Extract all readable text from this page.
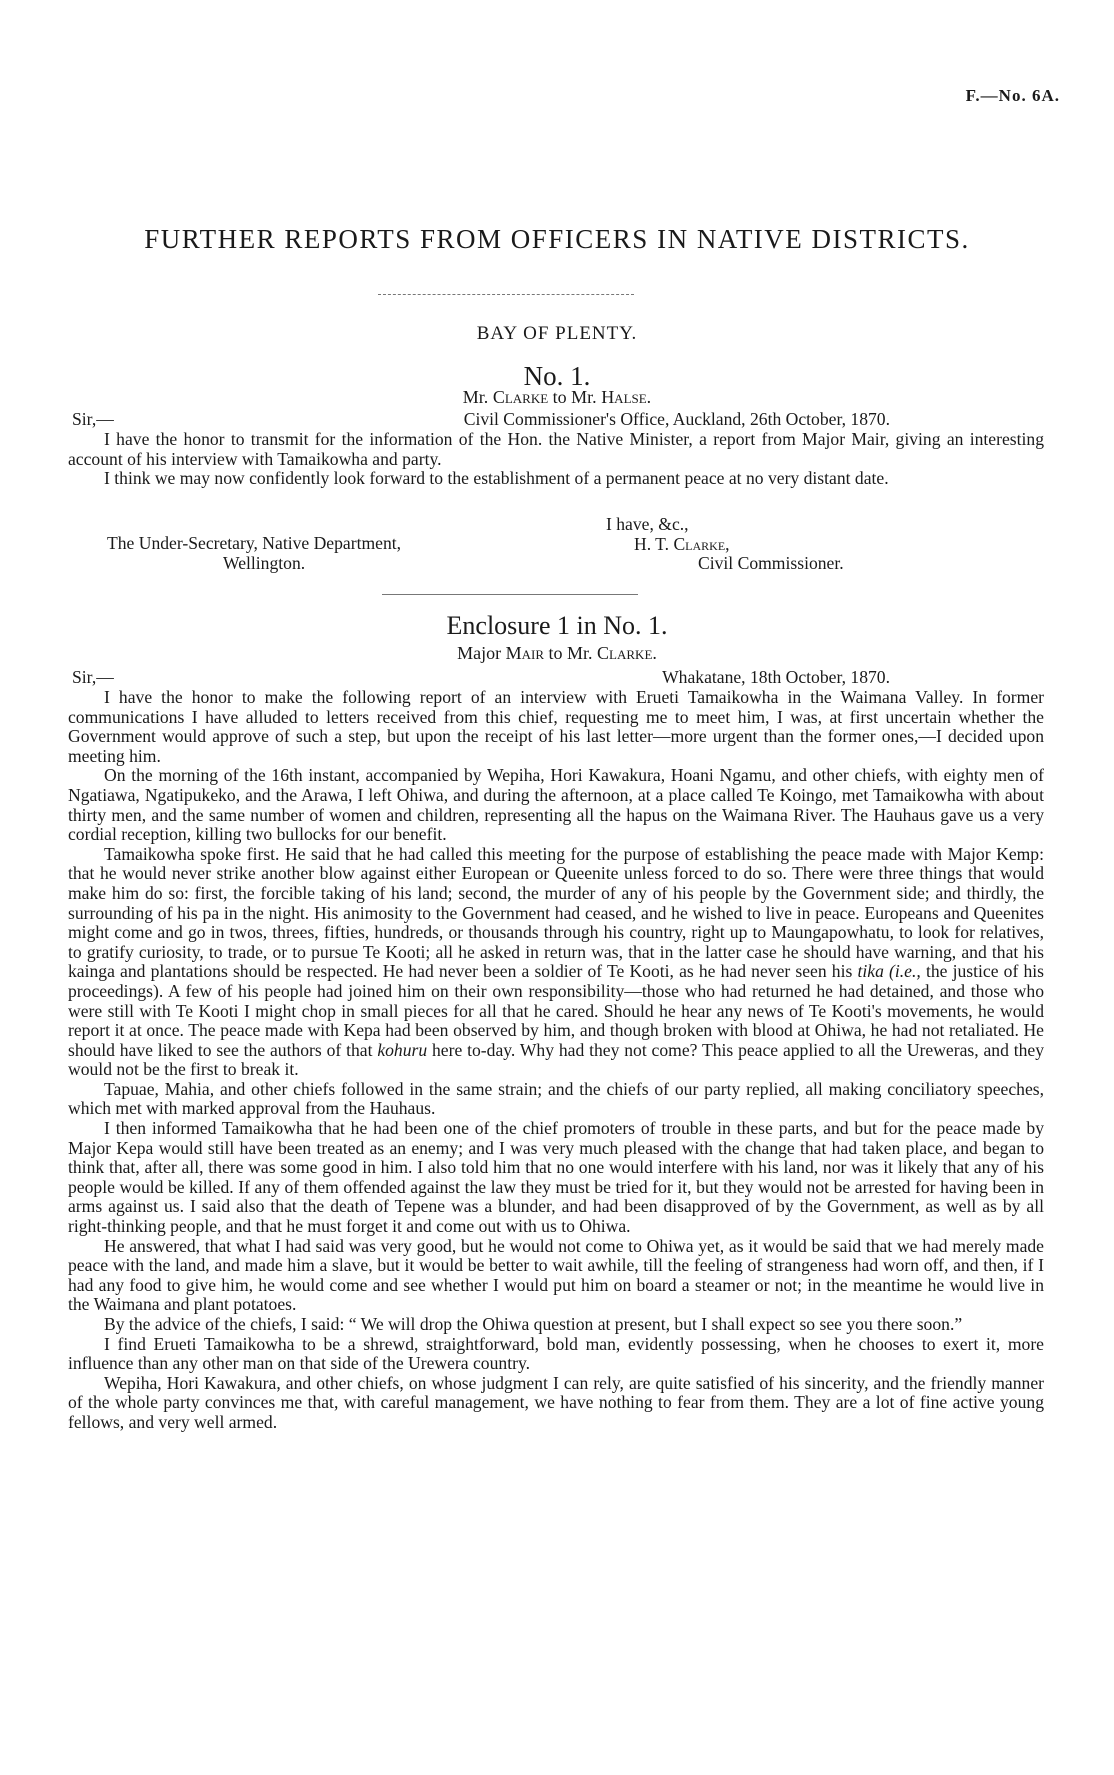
F.—No. 6A.
FURTHER REPORTS FROM OFFICERS IN NATIVE DISTRICTS.
BAY OF PLENTY.
No. 1.
Mr. Clarke to Mr. Halse.
Sir,—	Civil Commissioner's Office, Auckland, 26th October, 1870.

I have the honor to transmit for the information of the Hon. the Native Minister, a report from Major Mair, giving an interesting account of his interview with Tamaikowha and party.

I think we may now confidently look forward to the establishment of a permanent peace at no very distant date.

I have, &c.,
H. T. Clarke,
Civil Commissioner.
The Under-Secretary, Native Department,
Wellington.
Enclosure 1 in No. 1.
Major Mair to Mr. Clarke.
Sir,—	Whakatane, 18th October, 1870.

I have the honor to make the following report of an interview with Erueti Tamaikowha in the Waimana Valley. In former communications I have alluded to letters received from this chief, requesting me to meet him, I was, at first uncertain whether the Government would approve of such a step, but upon the receipt of his last letter—more urgent than the former ones,—I decided upon meeting him.

On the morning of the 16th instant, accompanied by Wepiha, Hori Kawakura, Hoani Ngamu, and other chiefs, with eighty men of Ngatiawa, Ngatipukeko, and the Arawa, I left Ohiwa, and during the afternoon, at a place called Te Koingo, met Tamaikowha with about thirty men, and the same number of women and children, representing all the hapus on the Waimana River. The Hauhaus gave us a very cordial reception, killing two bullocks for our benefit.

Tamaikowha spoke first. He said that he had called this meeting for the purpose of establishing the peace made with Major Kemp: that he would never strike another blow against either European or Queenite unless forced to do so. There were three things that would make him do so: first, the forcible taking of his land; second, the murder of any of his people by the Government side; and thirdly, the surrounding of his pa in the night. His animosity to the Government had ceased, and he wished to live in peace. Europeans and Queenites might come and go in twos, threes, fifties, hundreds, or thousands through his country, right up to Maungapowhatu, to look for relatives, to gratify curiosity, to trade, or to pursue Te Kooti; all he asked in return was, that in the latter case he should have warning, and that his kainga and plantations should be respected. He had never been a soldier of Te Kooti, as he had never seen his tika (i.e., the justice of his proceedings). A few of his people had joined him on their own responsibility—those who had returned he had detained, and those who were still with Te Kooti I might chop in small pieces for all that he cared. Should he hear any news of Te Kooti's movements, he would report it at once. The peace made with Kepa had been observed by him, and though broken with blood at Ohiwa, he had not retaliated. He should have liked to see the authors of that kohuru here to-day. Why had they not come? This peace applied to all the Ureweras, and they would not be the first to break it.

Tapuae, Mahia, and other chiefs followed in the same strain; and the chiefs of our party replied, all making conciliatory speeches, which met with marked approval from the Hauhaus.

I then informed Tamaikowha that he had been one of the chief promoters of trouble in these parts, and but for the peace made by Major Kepa would still have been treated as an enemy; and I was very much pleased with the change that had taken place, and began to think that, after all, there was some good in him. I also told him that no one would interfere with his land, nor was it likely that any of his people would be killed. If any of them offended against the law they must be tried for it, but they would not be arrested for having been in arms against us. I said also that the death of Tepene was a blunder, and had been disapproved of by the Government, as well as by all right-thinking people, and that he must forget it and come out with us to Ohiwa.

He answered, that what I had said was very good, but he would not come to Ohiwa yet, as it would be said that we had merely made peace with the land, and made him a slave, but it would be better to wait awhile, till the feeling of strangeness had worn off, and then, if I had any food to give him, he would come and see whether I would put him on board a steamer or not; in the meantime he would live in the Waimana and plant potatoes.

By the advice of the chiefs, I said: “ We will drop the Ohiwa question at present, but I shall expect so see you there soon.”

I find Erueti Tamaikowha to be a shrewd, straightforward, bold man, evidently possessing, when he chooses to exert it, more influence than any other man on that side of the Urewera country.

Wepiha, Hori Kawakura, and other chiefs, on whose judgment I can rely, are quite satisfied of his sincerity, and the friendly manner of the whole party convinces me that, with careful management, we have nothing to fear from them. They are a lot of fine active young fellows, and very well armed.
